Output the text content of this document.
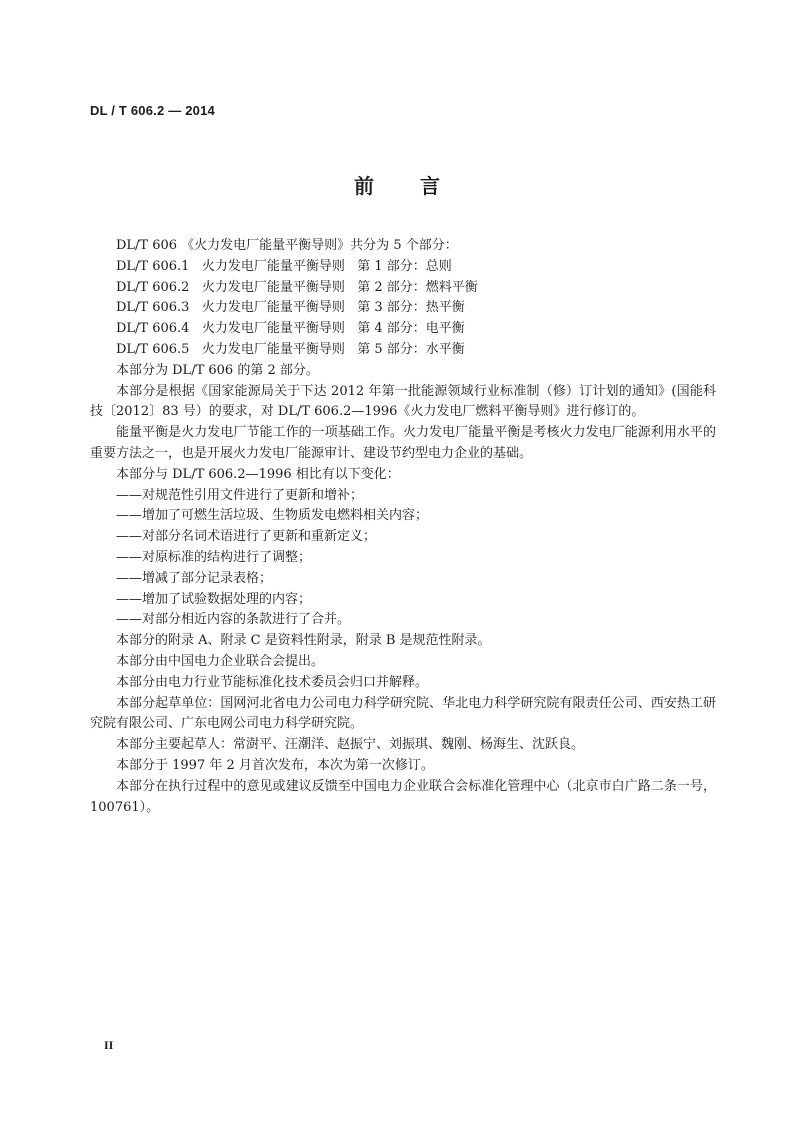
DL / T 606.2 — 2014
前 言

DL/T 606 《火力发电厂能量平衡导则》共分为 5 个部分：

DL/T 606.1   火力发电厂能量平衡导则   第 1 部分：总则

DL/T 606.2   火力发电厂能量平衡导则   第 2 部分：燃料平衡

DL/T 606.3   火力发电厂能量平衡导则   第 3 部分：热平衡

DL/T 606.4   火力发电厂能量平衡导则   第 4 部分：电平衡

DL/T 606.5   火力发电厂能量平衡导则   第 5 部分：水平衡

本部分为 DL/T 606 的第 2 部分。

本部分是根据《国家能源局关于下达 2012 年第一批能源领域行业标准制（修）订计划的通知》(国能科技〔2012〕83 号）的要求，对 DL/T 606.2—1996《火力发电厂燃料平衡导则》进行修订的。

能量平衡是火力发电厂节能工作的一项基础工作。火力发电厂能量平衡是考核火力发电厂能源利用水平的重要方法之一，也是开展火力发电厂能源审计、建设节约型电力企业的基础。

本部分与 DL/T 606.2—1996 相比有以下变化：

——对规范性引用文件进行了更新和增补；

——增加了可燃生活垃圾、生物质发电燃料相关内容；

——对部分名词术语进行了更新和重新定义；

——对原标准的结构进行了调整；

——增减了部分记录表格；

——增加了试验数据处理的内容；

——对部分相近内容的条款进行了合并。

本部分的附录 A、附录 C 是资料性附录，附录 B 是规范性附录。

本部分由中国电力企业联合会提出。

本部分由电力行业节能标准化技术委员会归口并解释。

本部分起草单位：国网河北省电力公司电力科学研究院、华北电力科学研究院有限责任公司、西安热工研究院有限公司、广东电网公司电力科学研究院。

本部分主要起草人：常澍平、汪潮洋、赵振宁、刘振琪、魏刚、杨海生、沈跃良。

本部分于 1997 年 2 月首次发布，本次为第一次修订。

本部分在执行过程中的意见或建议反馈至中国电力企业联合会标准化管理中心（北京市白广路二条一号，100761）。

II
